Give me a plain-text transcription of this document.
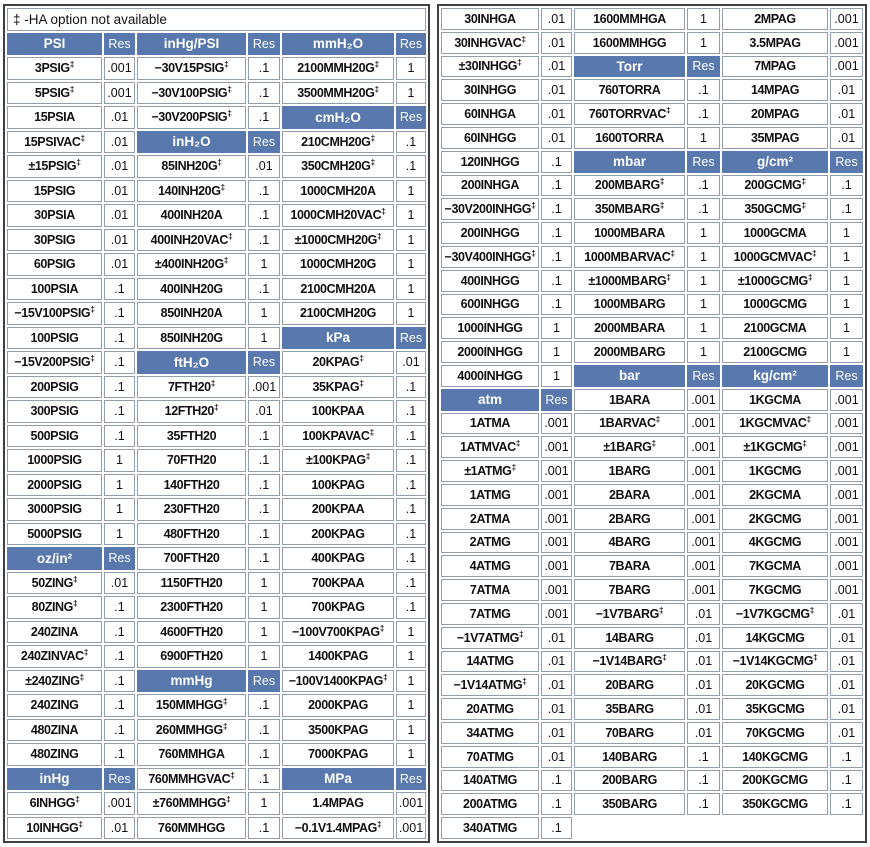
‡ -HA option not available					
PSI	Res	inHg/PSI	Res	mmH₂O	Res
3PSIG‡	.001	−30V15PSIG‡	.1	2100MMH20G‡	1
5PSIG‡	.001	−30V100PSIG‡	.1	3500MMH20G‡	1
15PSIA	.01	−30V200PSIG‡	.1	cmH₂O	Res
15PSIVAC‡	.01	inH₂O	Res	210CMH20G‡	.1
±15PSIG‡	.01	85INH20G‡	.01	350CMH20G‡	.1
15PSIG	.01	140INH20G‡	.1	1000CMH20A	1
30PSIA	.01	400INH20A	.1	1000CMH20VAC‡	1
30PSIG	.01	400INH20VAC‡	.1	±1000CMH20G‡	1
60PSIG	.01	±400INH20G‡	1	1000CMH20G	1
100PSIA	.1	400INH20G	.1	2100CMH20A	1
−15V100PSIG‡	.1	850INH20A	1	2100CMH20G	1
100PSIG	.1	850INH20G	1	kPa	Res
−15V200PSIG‡	.1	ftH₂O	Res	20KPAG‡	.01
200PSIG	.1	7FTH20‡	.001	35KPAG‡	.1
300PSIG	.1	12FTH20‡	.01	100KPAA	.1
500PSIG	.1	35FTH20	.1	100KPAVAC‡	.1
1000PSIG	1	70FTH20	.1	±100KPAG‡	.1
2000PSIG	1	140FTH20	.1	100KPAG	.1
3000PSIG	1	230FTH20	.1	200KPAA	.1
5000PSIG	1	480FTH20	.1	200KPAG	.1
oz/in²	Res	700FTH20	.1	400KPAG	.1
50ZING‡	.01	1150FTH20	1	700KPAA	.1
80ZING‡	.1	2300FTH20	1	700KPAG	.1
240ZINA	.1	4600FTH20	1	−100V700KPAG‡	1
240ZINVAC‡	.1	6900FTH20	1	1400KPAG	1
±240ZING‡	.1	mmHg	Res	−100V1400KPAG‡	1
240ZING	.1	150MMHGG‡	.1	2000KPAG	1
480ZINA	.1	260MMHGG‡	.1	3500KPAG	1
480ZING	.1	760MMHGA	.1	7000KPAG	1
inHg	Res	760MMHGVAC‡	.1	MPa	Res
6INHGG‡	.001	±760MMHGG‡	1	1.4MPAG	.001
10INHGG‡	.01	760MMHGG	.1	−0.1V1.4MPAG‡	.001
30INHGA	.01	1600MMHGA	1	2MPAG	.001
30INHGVAC‡	.01	1600MMHGG	1	3.5MPAG	.001
±30INHGG‡	.01	Torr	Res	7MPAG	.001
30INHGG	.01	760TORRA	.1	14MPAG	.01
60INHGA	.01	760TORRVAC‡	.1	20MPAG	.01
60INHGG	.01	1600TORRA	1	35MPAG	.01
120INHGG	.1	mbar	Res	g/cm²	Res
200INHGA	.1	200MBARG‡	.1	200GCMG‡	.1
−30V200INHGG‡	.1	350MBARG‡	.1	350GCMG‡	.1
200INHGG	.1	1000MBARA	1	1000GCMA	1
−30V400INHGG‡	.1	1000MBARVAC‡	1	1000GCMVAC‡	1
400INHGG	.1	±1000MBARG‡	1	±1000GCMG‡	1
600INHGG	.1	1000MBARG	1	1000GCMG	1
1000INHGG	1	2000MBARA	1	2100GCMA	1
2000INHGG	1	2000MBARG	1	2100GCMG	1
4000INHGG	1	bar	Res	kg/cm²	Res
atm	Res	1BARA	.001	1KGCMA	.001
1ATMA	.001	1BARVAC‡	.001	1KGCMVAC‡	.001
1ATMVAC‡	.001	±1BARG‡	.001	±1KGCMG‡	.001
±1ATMG‡	.001	1BARG	.001	1KGCMG	.001
1ATMG	.001	2BARA	.001	2KGCMA	.001
2ATMA	.001	2BARG	.001	2KGCMG	.001
2ATMG	.001	4BARG	.001	4KGCMG	.001
4ATMG	.001	7BARA	.001	7KGCMA	.001
7ATMA	.001	7BARG	.001	7KGCMG	.001
7ATMG	.001	−1V7BARG‡	.01	−1V7KGCMG‡	.01
−1V7ATMG‡	.01	14BARG	.01	14KGCMG	.01
14ATMG	.01	−1V14BARG‡	.01	−1V14KGCMG‡	.01
−1V14ATMG‡	.01	20BARG	.01	20KGCMG	.01
20ATMG	.01	35BARG	.01	35KGCMG	.01
34ATMG	.01	70BARG	.01	70KGCMG	.01
70ATMG	.01	140BARG	.1	140KGCMG	.1
140ATMG	.1	200BARG	.1	200KGCMG	.1
200ATMG	.1	350BARG	.1	350KGCMG	.1
340ATMG	.1				
